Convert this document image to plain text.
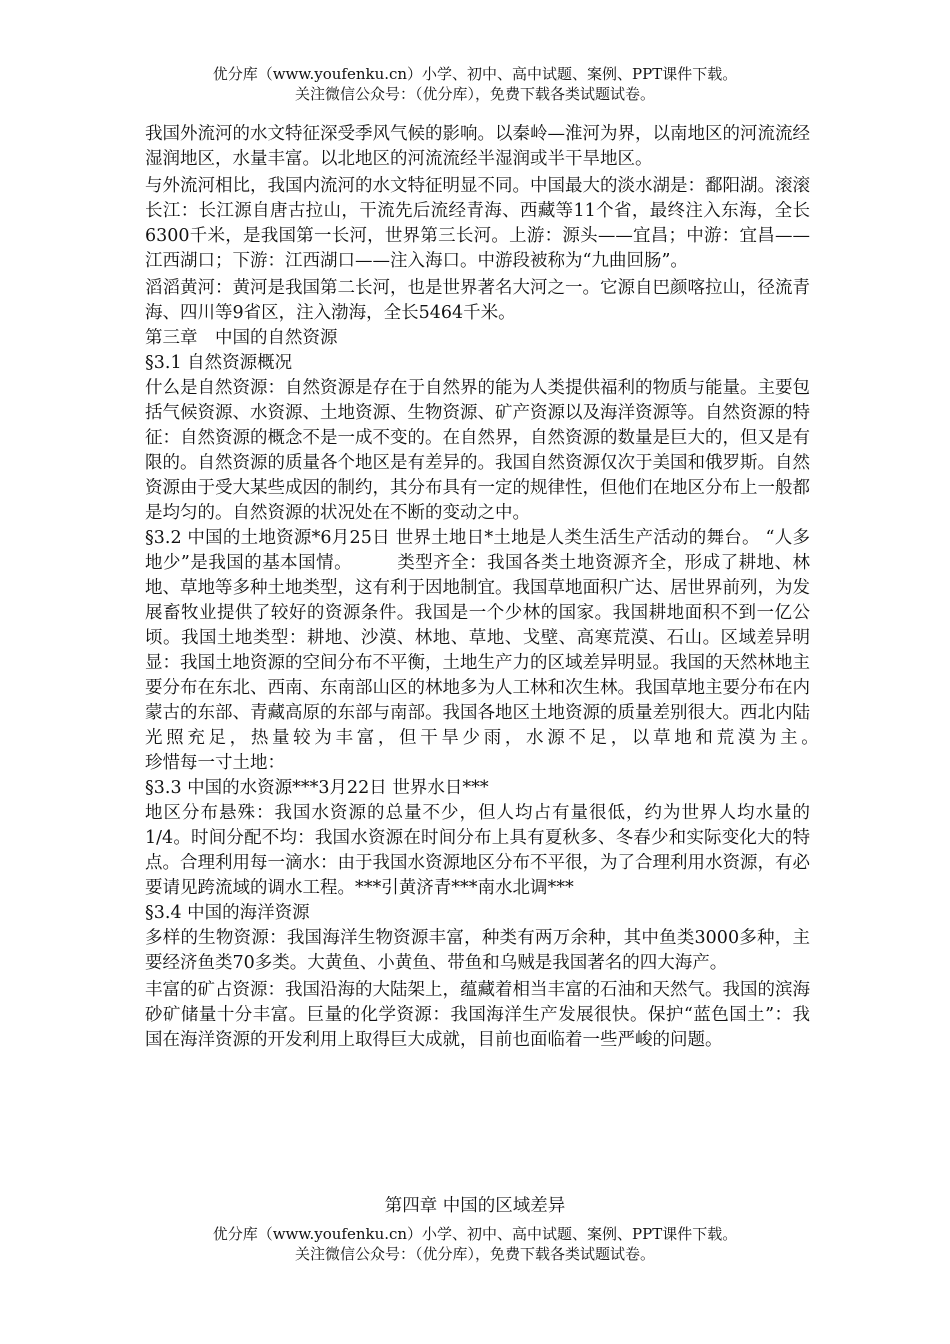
优分库（www.youfenku.cn）小学、初中、高中试题、案例、PPT课件下载。
关注微信公众号：（优分库），免费下载各类试题试卷。

我国外流河的水文特征深受季风气候的影响。以秦岭—淮河为界，以南地区的河流流经湿润地区，水量丰富。以北地区的河流流经半湿润或半干旱地区。

与外流河相比，我国内流河的水文特征明显不同。中国最大的淡水湖是：鄱阳湖。滚滚长江：长江源自唐古拉山，干流先后流经青海、西藏等11个省，最终注入东海，全长6300千米，是我国第一长河，世界第三长河。上游：源头——宜昌；中游：宜昌——江西湖口；下游：江西湖口——注入海口。中游段被称为“九曲回肠”。

滔滔黄河：黄河是我国第二长河，也是世界著名大河之一。它源自巴颜喀拉山，径流青海、四川等9省区，注入渤海，全长5464千米。

第三章　中国的自然资源

§3.1 自然资源概况

什么是自然资源：自然资源是存在于自然界的能为人类提供福利的物质与能量。主要包括气候资源、水资源、土地资源、生物资源、矿产资源以及海洋资源等。自然资源的特征：自然资源的概念不是一成不变的。在自然界，自然资源的数量是巨大的，但又是有限的。自然资源的质量各个地区是有差异的。我国自然资源仅次于美国和俄罗斯。自然资源由于受大某些成因的制约，其分布具有一定的规律性，但他们在地区分布上一般都是均匀的。自然资源的状况处在不断的变动之中。

§3.2 中国的土地资源*6月25日 世界土地日*土地是人类生活生产活动的舞台。 “人多地少”是我国的基本国情。　　　类型齐全：我国各类土地资源齐全，形成了耕地、林地、草地等多种土地类型，这有利于因地制宜。我国草地面积广达、居世界前列，为发展畜牧业提供了较好的资源条件。我国是一个少林的国家。我国耕地面积不到一亿公顷。我国土地类型：耕地、沙漠、林地、草地、戈壁、高寒荒漠、石山。区域差异明显：我国土地资源的空间分布不平衡，土地生产力的区域差异明显。我国的天然林地主要分布在东北、西南、东南部山区的林地多为人工林和次生林。我国草地主要分布在内蒙古的东部、青藏高原的东部与南部。我国各地区土地资源的质量差别很大。西北内陆光照充足，热量较为丰富，但干旱少雨，水源不足，以草地和荒漠为主。　　　　　　珍惜每一寸土地：

§3.3 中国的水资源***3月22日 世界水日***

地区分布悬殊：我国水资源的总量不少，但人均占有量很低，约为世界人均水量的1/4。时间分配不均：我国水资源在时间分布上具有夏秋多、冬春少和实际变化大的特点。合理利用每一滴水：由于我国水资源地区分布不平很，为了合理利用水资源，有必要请见跨流域的调水工程。***引黄济青***南水北调***

§3.4 中国的海洋资源

多样的生物资源：我国海洋生物资源丰富，种类有两万余种，其中鱼类3000多种，主要经济鱼类70多类。大黄鱼、小黄鱼、带鱼和乌贼是我国著名的四大海产。

丰富的矿占资源：我国沿海的大陆架上，蕴藏着相当丰富的石油和天然气。我国的滨海砂矿储量十分丰富。巨量的化学资源：我国海洋生产发展很快。保护“蓝色国土”：我国在海洋资源的开发利用上取得巨大成就，目前也面临着一些严峻的问题。

第四章 中国的区域差异
优分库（www.youfenku.cn）小学、初中、高中试题、案例、PPT课件下载。
关注微信公众号：（优分库），免费下载各类试题试卷。
